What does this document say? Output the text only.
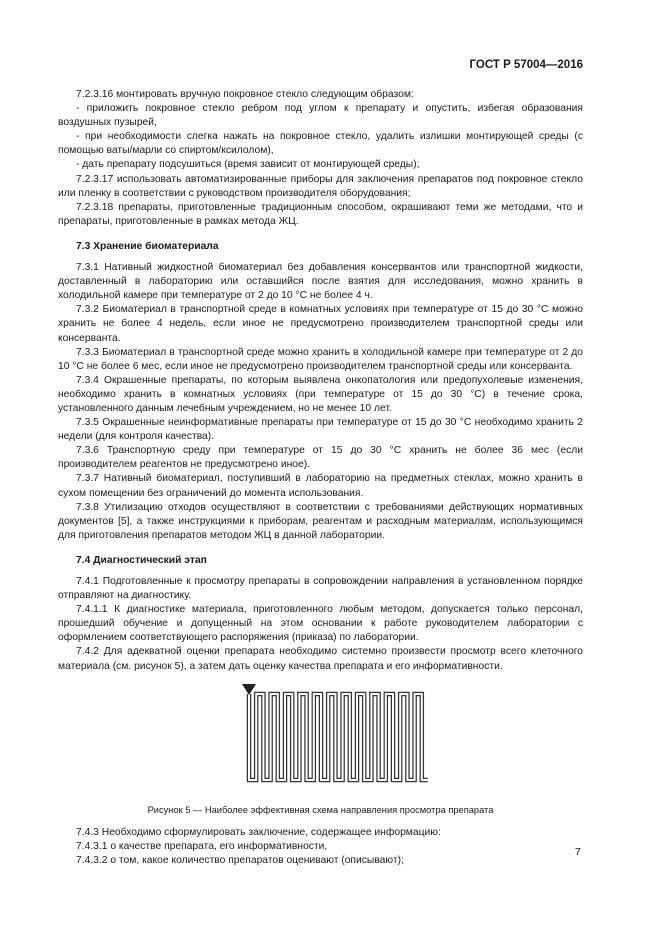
ГОСТ Р 57004—2016

7.2.3.16 монтировать вручную покровное стекло следующим образом:

- приложить покровное стекло ребром под углом к препарату и опустить, избегая образования воздушных пузырей,

- при необходимости слегка нажать на покровное стекло, удалить излишки монтирующей среды (с помощью ваты/марли со спиртом/ксилолом),

- дать препарату подсушиться (время зависит от монтирующей среды);

7.2.3.17 использовать автоматизированные приборы для заключения препаратов под покровное стекло или пленку в соответствии с руководством производителя оборудования;

7.2.3.18 препараты, приготовленные традиционным способом, окрашивают теми же методами, что и препараты, приготовленные в рамках метода ЖЦ.

7.3 Хранение биоматериала

7.3.1 Нативный жидкостной биоматериал без добавления консервантов или транспортной жидкости, доставленный в лабораторию или оставшийся после взятия для исследования, можно хранить в холодильной камере при температуре от 2 до 10 °С не более 4 ч.

7.3.2 Биоматериал в транспортной среде в комнатных условиях при температуре от 15 до 30 °С можно хранить не более 4 недель, если иное не предусмотрено производителем транспортной среды или консерванта.

7.3.3 Биоматериал в транспортной среде можно хранить в холодильной камере при температуре от 2 до 10 °С не более 6 мес, если иное не предусмотрено производителем транспортной среды или консерванта.

7.3.4 Окрашенные препараты, по которым выявлена онкопатология или предопухолевые изменения, необходимо хранить в комнатных условиях (при температуре от 15 до 30 °С) в течение срока, установленного данным лечебным учреждением, но не менее 10 лет.

7.3.5 Окрашенные неинформативные препараты при температуре от 15 до 30 °С необходимо хранить 2 недели (для контроля качества).

7.3.6 Транспортную среду при температуре от 15 до 30 °С хранить не более 36 мес (если производителем реагентов не предусмотрено иное).

7.3.7 Нативный биоматериал, поступивший в лабораторию на предметных стеклах, можно хранить в сухом помещении без ограничений до момента использования.

7.3.8 Утилизацию отходов осуществляют в соответствии с требованиями действующих нормативных документов [5], а также инструкциями к приборам, реагентам и расходным материалам, использующимся для приготовления препаратов методом ЖЦ в данной лаборатории.

7.4 Диагностический этап

7.4.1 Подготовленные к просмотру препараты в сопровождении направления в установленном порядке отправляют на диагностику.

7.4.1.1 К диагностике материала, приготовленного любым методом, допускается только персонал, прошедший обучение и допущенный на этом основании к работе руководителем лаборатории с оформлением соответствующего распоряжения (приказа) по лаборатории.

7.4.2 Для адекватной оценки препарата необходимо системно произвести просмотр всего клеточного материала (см. рисунок 5), а затем дать оценку качества препарата и его информативности.

Рисунок 5 — Наиболее эффективная схема направления просмотра препарата

7.4.3 Необходимо сформулировать заключение, содержащее информацию:

7.4.3.1 о качестве препарата, его информативности,

7.4.3.2 о том, какое количество препаратов оценивают (описывают);

7
